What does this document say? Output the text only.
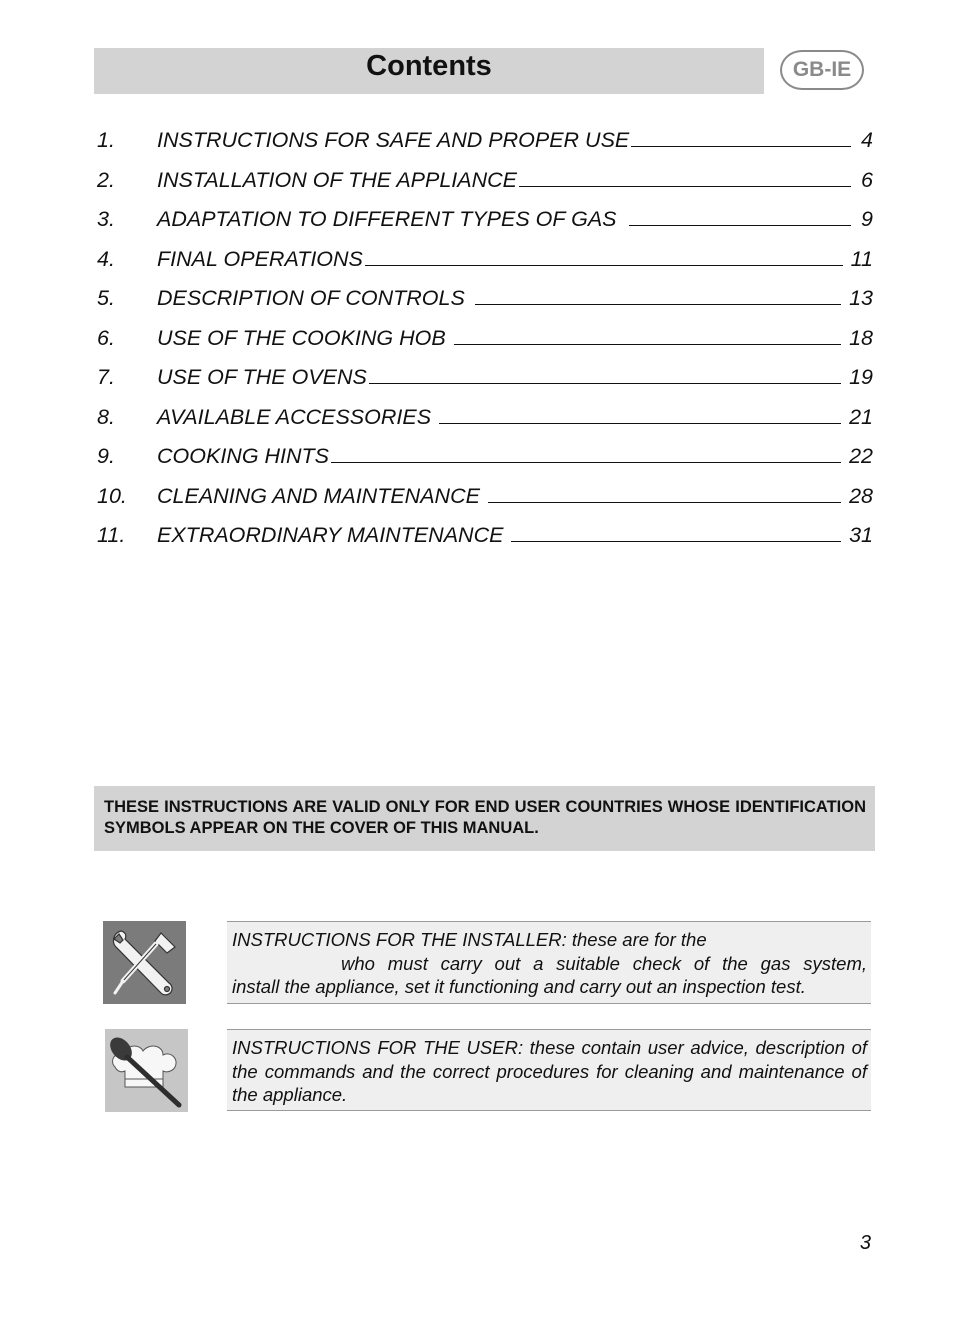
Contents	GB-IE
1.	INSTRUCTIONS FOR SAFE AND PROPER USE	4
2.	INSTALLATION OF THE APPLIANCE	6
3.	ADAPTATION TO DIFFERENT TYPES OF GAS	9
4.	FINAL OPERATIONS	11
5.	DESCRIPTION OF CONTROLS	13
6.	USE OF THE COOKING HOB	18
7.	USE OF THE OVENS	19
8.	AVAILABLE ACCESSORIES	21
9.	COOKING HINTS	22
10.	CLEANING AND MAINTENANCE	28
11.	EXTRAORDINARY MAINTENANCE	31
THESE INSTRUCTIONS ARE VALID ONLY FOR END USER COUNTRIES WHOSE IDENTIFICATION SYMBOLS APPEAR ON THE COVER OF THIS MANUAL.
INSTRUCTIONS FOR THE INSTALLER: these are for the
who must carry out a suitable check of the gas system,
install the appliance, set it functioning and carry out an inspection test.
INSTRUCTIONS FOR THE USER: these contain user advice, description of the commands and the correct procedures for cleaning and maintenance of the appliance.
3
